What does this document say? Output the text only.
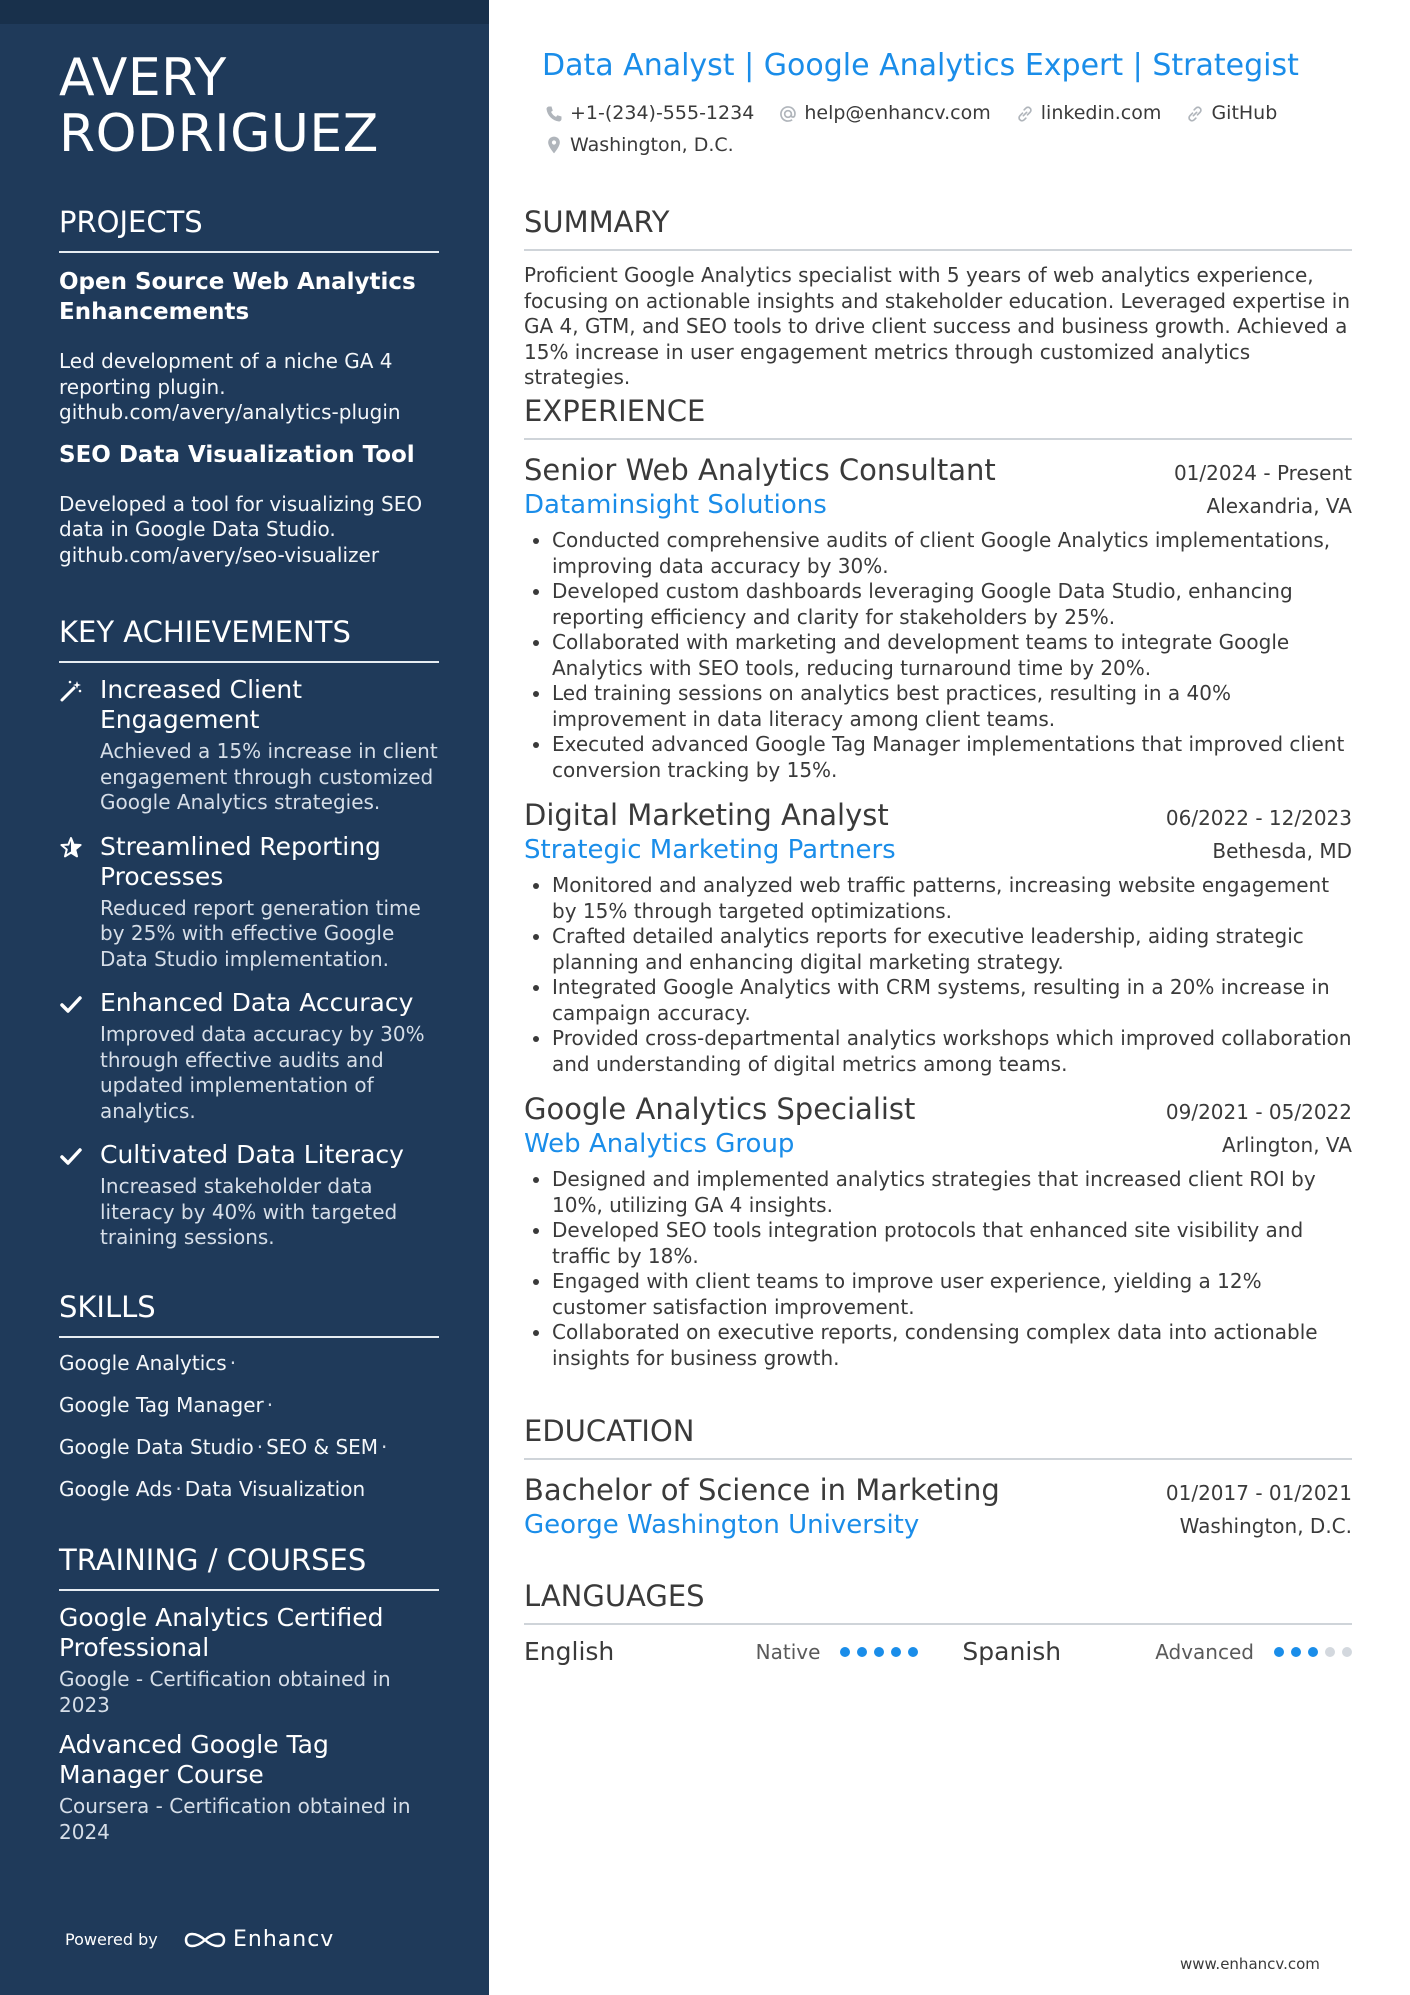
AVERY RODRIGUEZ
PROJECTS
Open Source Web Analytics Enhancements
Led development of a niche GA 4 reporting plugin.
github.com/avery/analytics-plugin
SEO Data Visualization Tool
Developed a tool for visualizing SEO data in Google Data Studio.
github.com/avery/seo-visualizer
KEY ACHIEVEMENTS
Increased Client Engagement
Achieved a 15% increase in client engagement through customized Google Analytics strategies.
Streamlined Reporting Processes
Reduced report generation time by 25% with effective Google Data Studio implementation.
Enhanced Data Accuracy
Improved data accuracy by 30% through effective audits and updated implementation of analytics.
Cultivated Data Literacy
Increased stakeholder data literacy by 40% with targeted training sessions.
SKILLS
Google Analytics ·
Google Tag Manager ·
Google Data Studio · SEO & SEM ·
Google Ads · Data Visualization
TRAINING / COURSES
Google Analytics Certified Professional
Google - Certification obtained in 2023
Advanced Google Tag Manager Course
Coursera - Certification obtained in 2024
Powered by	Enhancv
Data Analyst | Google Analytics Expert | Strategist
+1-(234)-555-1234
	help@enhancv.com
	linkedin.com
	GitHub

Washington, D.C.
SUMMARY
Proficient Google Analytics specialist with 5 years of web analytics experience, focusing on actionable insights and stakeholder education. Leveraged expertise in GA 4, GTM, and SEO tools to drive client success and business growth. Achieved a 15% increase in user engagement metrics through customized analytics strategies.
EXPERIENCE
Senior Web Analytics Consultant	01/2024 - Present
Dataminsight Solutions	Alexandria, VA
• Conducted comprehensive audits of client Google Analytics implementations, improving data accuracy by 30%.
• Developed custom dashboards leveraging Google Data Studio, enhancing reporting efficiency and clarity for stakeholders by 25%.
• Collaborated with marketing and development teams to integrate Google Analytics with SEO tools, reducing turnaround time by 20%.
• Led training sessions on analytics best practices, resulting in a 40% improvement in data literacy among client teams.
• Executed advanced Google Tag Manager implementations that improved client conversion tracking by 15%.
Digital Marketing Analyst	06/2022 - 12/2023
Strategic Marketing Partners	Bethesda, MD
• Monitored and analyzed web traffic patterns, increasing website engagement by 15% through targeted optimizations.
• Crafted detailed analytics reports for executive leadership, aiding strategic planning and enhancing digital marketing strategy.
• Integrated Google Analytics with CRM systems, resulting in a 20% increase in campaign accuracy.
• Provided cross-departmental analytics workshops which improved collaboration and understanding of digital metrics among teams.
Google Analytics Specialist	09/2021 - 05/2022
Web Analytics Group	Arlington, VA
• Designed and implemented analytics strategies that increased client ROI by 10%, utilizing GA 4 insights.
• Developed SEO tools integration protocols that enhanced site visibility and traffic by 18%.
• Engaged with client teams to improve user experience, yielding a 12% customer satisfaction improvement.
• Collaborated on executive reports, condensing complex data into actionable insights for business growth.
EDUCATION
Bachelor of Science in Marketing	01/2017 - 01/2021
George Washington University	Washington, D.C.
LANGUAGES
English	Native	Spanish	Advanced
www.enhancv.com
